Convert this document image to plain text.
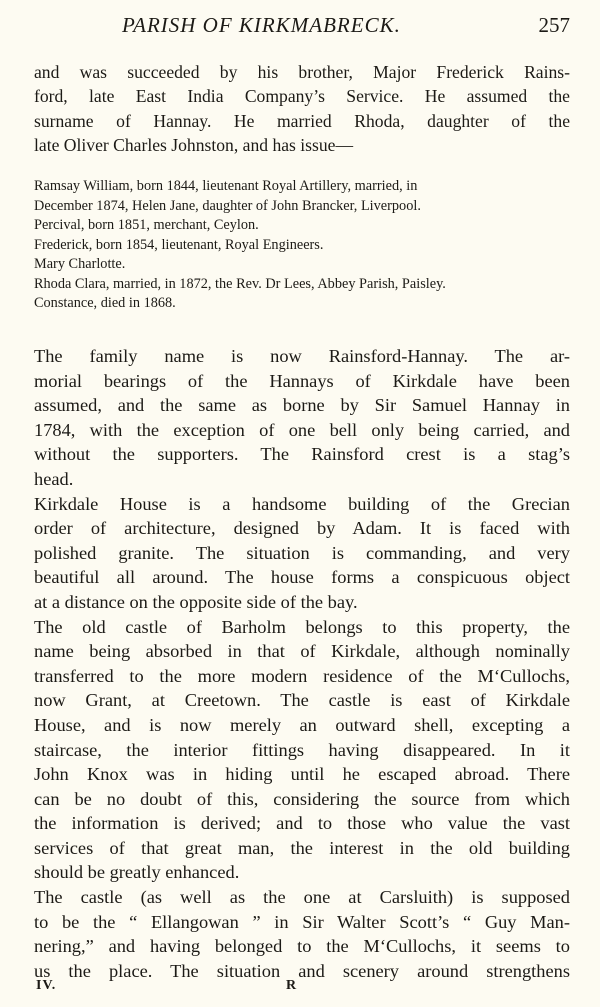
PARISH OF KIRKMABRECK.	257
and was succeeded by his brother, Major Frederick Rains-
ford, late East India Company’s Service. He assumed the
surname of Hannay. He married Rhoda, daughter of the
late Oliver Charles Johnston, and has issue—
Ramsay William, born 1844, lieutenant Royal Artillery, married, in
December 1874, Helen Jane, daughter of John Brancker, Liverpool.
Percival, born 1851, merchant, Ceylon.
Frederick, born 1854, lieutenant, Royal Engineers.
Mary Charlotte.
Rhoda Clara, married, in 1872, the Rev. Dr Lees, Abbey Parish, Paisley.
Constance, died in 1868.
The family name is now Rainsford-Hannay. The ar-
morial bearings of the Hannays of Kirkdale have been
assumed, and the same as borne by Sir Samuel Hannay in
1784, with the exception of one bell only being carried, and
without the supporters. The Rainsford crest is a stag’s
head.
Kirkdale House is a handsome building of the Grecian
order of architecture, designed by Adam. It is faced with
polished granite. The situation is commanding, and very
beautiful all around. The house forms a conspicuous object
at a distance on the opposite side of the bay.
The old castle of Barholm belongs to this property, the
name being absorbed in that of Kirkdale, although nominally
transferred to the more modern residence of the M‘Cullochs,
now Grant, at Creetown. The castle is east of Kirkdale
House, and is now merely an outward shell, excepting a
staircase, the interior fittings having disappeared. In it
John Knox was in hiding until he escaped abroad. There
can be no doubt of this, considering the source from which
the information is derived; and to those who value the vast
services of that great man, the interest in the old building
should be greatly enhanced.
The castle (as well as the one at Carsluith) is supposed
to be the “ Ellangowan ” in Sir Walter Scott’s “ Guy Man-
nering,” and having belonged to the M‘Cullochs, it seems to
us the place. The situation and scenery around strengthens
IV.	R
